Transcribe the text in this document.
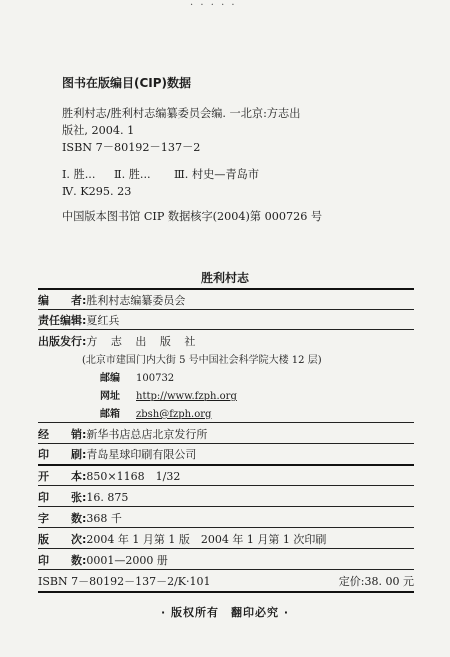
· · · · ·
图书在版编目(CIP)数据
胜利村志/胜利村志编纂委员会编. 一北京:方志出
版社, 2004. 1
ISBN 7－80192－137－2
Ⅰ. 胜...	Ⅱ. 胜...	Ⅲ. 村史—青岛市
Ⅳ. K295. 23
中国版本图书馆 CIP 数据核字(2004)第 000726 号
胜利村志
编　　者:胜利村志编纂委员会
责任编辑:夏红兵
出版发行:方 志 出 版 社
(北京市建国门内大街 5 号中国社会科学院大楼 12 层)
邮编 100732
网址 http://www.fzph.org
邮箱 zbsh@fzph.org
经　　销:新华书店总店北京发行所
印　　刷:青岛星球印刷有限公司
开　　本:850×1168　1/32
印　　张:16. 875
字　　数:368 千
版　　次:2004 年 1 月第 1 版　2004 年 1 月第 1 次印刷
印　　数:0001—2000 册
ISBN 7－80192－137－2/K·101	定价:38. 00 元
· 版权所有　翻印必究 ·
